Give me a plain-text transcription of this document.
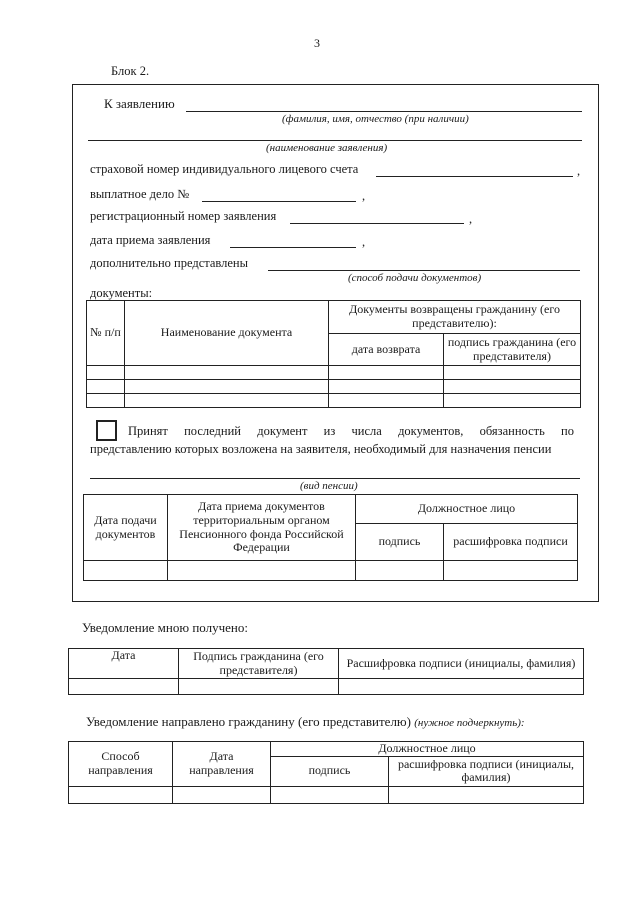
3
Блок 2.
К заявлению
(фамилия, имя, отчество (при наличии)
(наименование заявления)
страховой номер индивидуального лицевого счета	,
выплатное дело №	,
регистрационный номер заявления	,
дата приема заявления	,
дополнительно представлены
(способ подачи документов)
документы:
№ п/п	Наименование документа	Документы возвращены гражданину (его представителю):	
		дата возврата	подпись гражданина (его представителя)

Принят последний документ из числа документов, обязанность по
представлению которых возложена на заявителя, необходимый для назначения пенсии
(вид пенсии)
Дата подачи документов	Дата приема документов территориальным органом Пенсионного фонда Российской Федерации	Должностное лицо	
		подпись	расшифровка подписи

Уведомление мною получено:
Дата	Подпись гражданина (его представителя)	Расшифровка подписи (инициалы, фамилия)

Уведомление направлено гражданину (его представителю) (нужное подчеркнуть):
Способ направления	Дата направления	Должностное лицо	
		подпись	расшифровка подписи (инициалы, фамилия)
